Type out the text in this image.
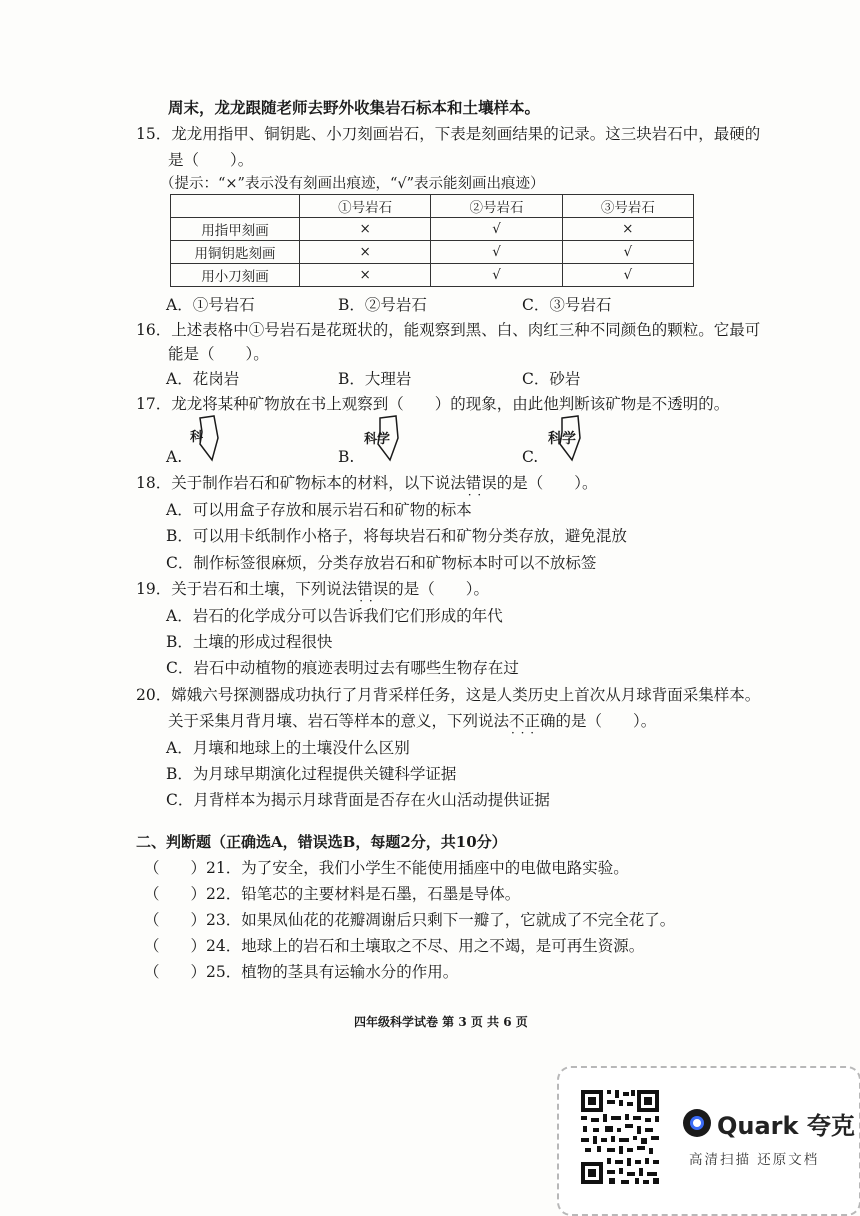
周末，龙龙跟随老师去野外收集岩石标本和土壤样本。
15．龙龙用指甲、铜钥匙、小刀刻画岩石，下表是刻画结果的记录。这三块岩石中，最硬的
是（　　）。
（提示：“×”表示没有刻画出痕迹，“√”表示能刻画出痕迹）
	①号岩石	②号岩石	③号岩石
用指甲刻画	×	√	×
用铜钥匙刻画	×	√	√
用小刀刻画	×	√	√
A．①号岩石	B．②号岩石	C．③号岩石
16．上述表格中①号岩石是花斑状的，能观察到黑、白、肉红三种不同颜色的颗粒。它最可
能是（　　）。
A．花岗岩	B．大理岩	C．砂岩
17．龙龙将某种矿物放在书上观察到（　　）的现象，由此他判断该矿物是不透明的。
A.	B.	C.
科	科学	科学
18．关于制作岩石和矿物标本的材料，以下说法错误 · ·的是（　　）。
A．可以用盒子存放和展示岩石和矿物的标本
B．可以用卡纸制作小格子，将每块岩石和矿物分类存放，避免混放
C．制作标签很麻烦，分类存放岩石和矿物标本时可以不放标签
19．关于岩石和土壤，下列说法错误 · ·的是（　　）。
A．岩石的化学成分可以告诉我们它们形成的年代
B．土壤的形成过程很快
C．岩石中动植物的痕迹表明过去有哪些生物存在过
20．嫦娥六号探测器成功执行了月背采样任务，这是人类历史上首次从月球背面采集样本。
关于采集月背月壤、岩石等样本的意义，下列说法不正确 · · ·的是（　　）。
A．月壤和地球上的土壤没什么区别
B．为月球早期演化过程提供关键科学证据
C．月背样本为揭示月球背面是否存在火山活动提供证据
二、判断题（正确选A，错误选B，每题2分，共10分）
（　　）21．为了安全，我们小学生不能使用插座中的电做电路实验。
（　　）22．铅笔芯的主要材料是石墨，石墨是导体。
（　　）23．如果凤仙花的花瓣凋谢后只剩下一瓣了，它就成了不完全花了。
（　　）24．地球上的岩石和土壤取之不尽、用之不竭，是可再生资源。
（　　）25．植物的茎具有运输水分的作用。
四年级科学试卷 第 3 页 共 6 页
Quark 夸克
高清扫描 还原文档
